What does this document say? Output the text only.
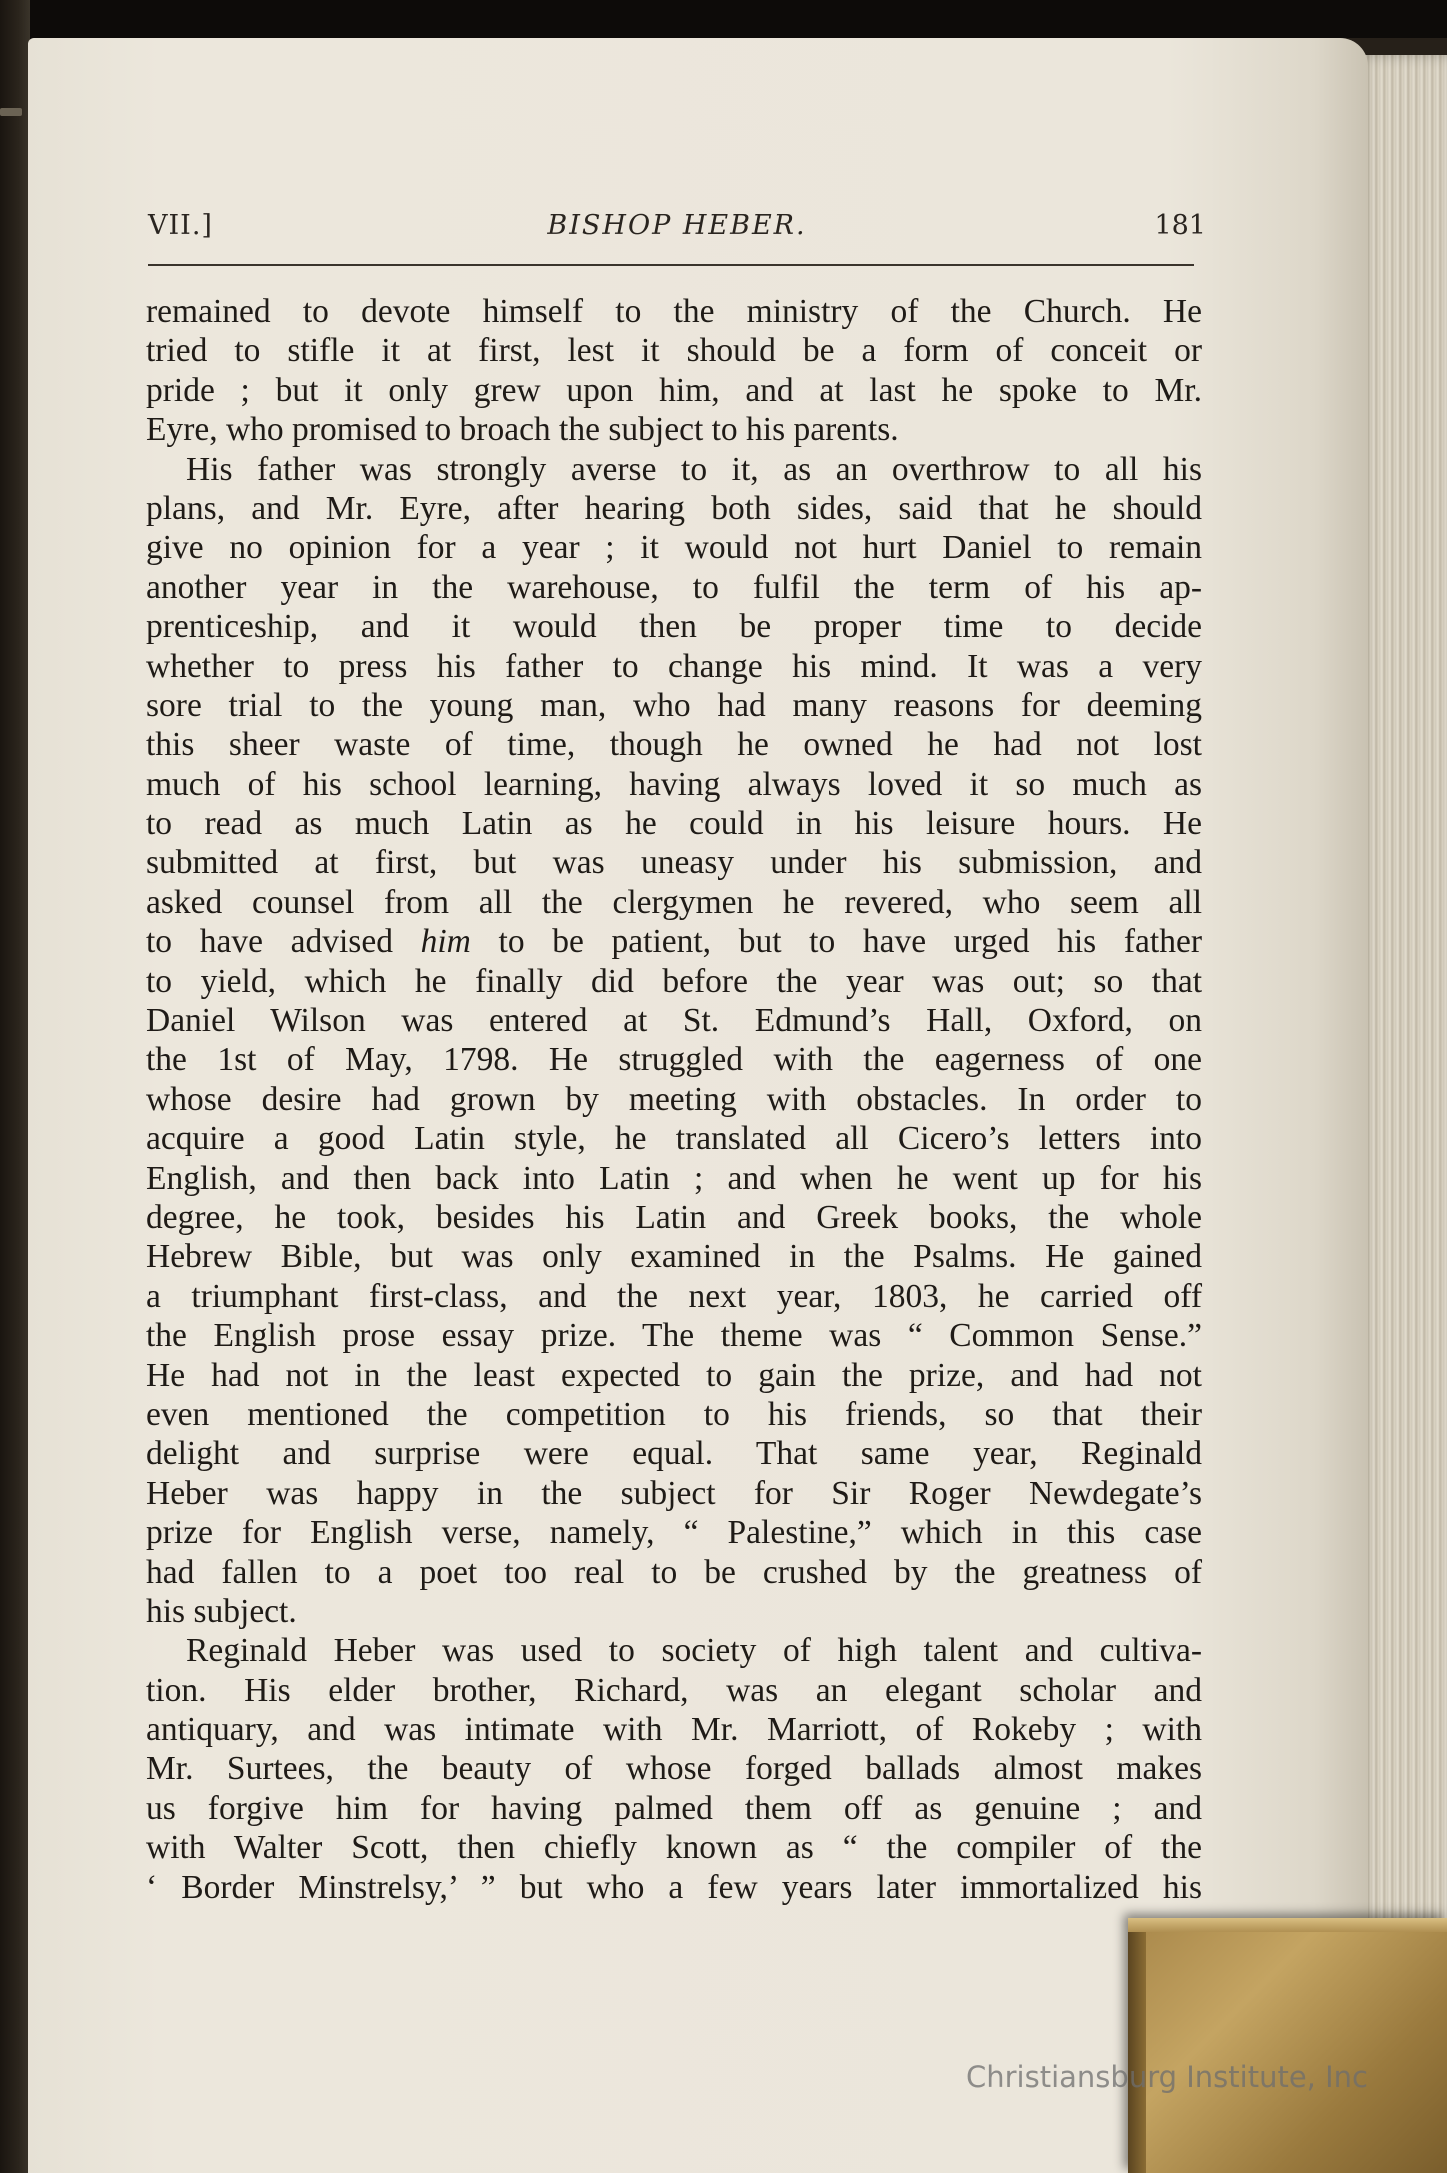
VII.]	BISHOP HEBER.	181
remained to devote himself to the ministry of the Church. He
tried to stifle it at first, lest it should be a form of conceit or
pride ; but it only grew upon him, and at last he spoke to Mr.
Eyre, who promised to broach the subject to his parents.
His father was strongly averse to it, as an overthrow to all his
plans, and Mr. Eyre, after hearing both sides, said that he should
give no opinion for a year ; it would not hurt Daniel to remain
another year in the warehouse, to fulfil the term of his ap-
prenticeship, and it would then be proper time to decide
whether to press his father to change his mind. It was a very
sore trial to the young man, who had many reasons for deeming
this sheer waste of time, though he owned he had not lost
much of his school learning, having always loved it so much as
to read as much Latin as he could in his leisure hours. He
submitted at first, but was uneasy under his submission, and
asked counsel from all the clergymen he revered, who seem all
to have advised him to be patient, but to have urged his father
to yield, which he finally did before the year was out; so that
Daniel Wilson was entered at St. Edmund’s Hall, Oxford, on
the 1st of May, 1798. He struggled with the eagerness of one
whose desire had grown by meeting with obstacles. In order to
acquire a good Latin style, he translated all Cicero’s letters into
English, and then back into Latin ; and when he went up for his
degree, he took, besides his Latin and Greek books, the whole
Hebrew Bible, but was only examined in the Psalms. He gained
a triumphant first-class, and the next year, 1803, he carried off
the English prose essay prize. The theme was “ Common Sense.”
He had not in the least expected to gain the prize, and had not
even mentioned the competition to his friends, so that their
delight and surprise were equal. That same year, Reginald
Heber was happy in the subject for Sir Roger Newdegate’s
prize for English verse, namely, “ Palestine,” which in this case
had fallen to a poet too real to be crushed by the greatness of
his subject.
Reginald Heber was used to society of high talent and cultiva-
tion. His elder brother, Richard, was an elegant scholar and
antiquary, and was intimate with Mr. Marriott, of Rokeby ; with
Mr. Surtees, the beauty of whose forged ballads almost makes
us forgive him for having palmed them off as genuine ; and
with Walter Scott, then chiefly known as “ the compiler of the
‘ Border Minstrelsy,’ ” but who a few years later immortalized his
Christiansburg Institute, Inc
